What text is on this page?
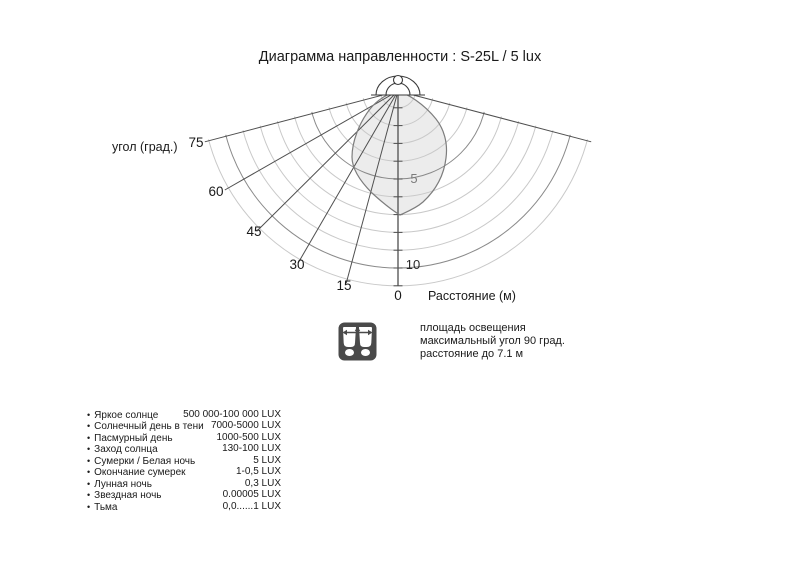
Диаграмма направленности : S-25L / 5 lux
угол (град.) 75
60
45
30
15
0
5
10
Расстояние (м)
площадь освещения
максимальный угол 90 град.
расстояние до 7.1 м
• Яркое солнце 500 000-100 000 LUX
• Солнечный день в тени 7000-5000 LUX
• Пасмурный день	1000-500 LUX
• Заход солнца	130-100 LUX
• Сумерки / Белая ночь	5 LUX
• Окончание сумерек	1-0,5 LUX
• Лунная ночь	0,3 LUX
• Звездная ночь	0.00005 LUX
• Тьма	0,0......1 LUX
